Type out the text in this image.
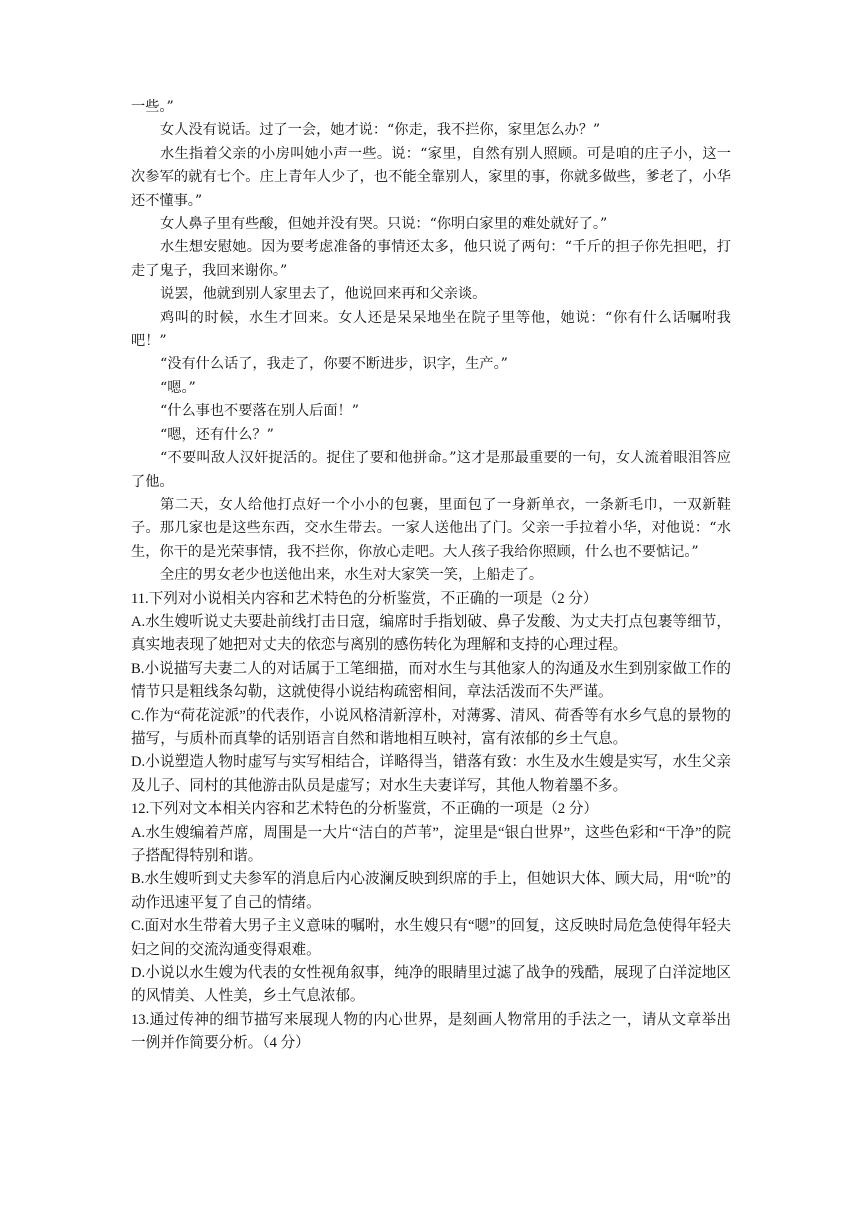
一些。”

女人没有说话。过了一会，她才说：“你走，我不拦你，家里怎么办？”

水生指着父亲的小房叫她小声一些。说：“家里，自然有别人照顾。可是咱的庄子小，这一次参军的就有七个。庄上青年人少了，也不能全靠别人，家里的事，你就多做些，爹老了，小华还不懂事。”

女人鼻子里有些酸，但她并没有哭。只说：“你明白家里的难处就好了。”

水生想安慰她。因为要考虑准备的事情还太多，他只说了两句：“千斤的担子你先担吧，打走了鬼子，我回来谢你。”

说罢，他就到别人家里去了，他说回来再和父亲谈。

鸡叫的时候，水生才回来。女人还是呆呆地坐在院子里等他，她说：“你有什么话嘱咐我吧！”

“没有什么话了，我走了，你要不断进步，识字，生产。”

“嗯。”

“什么事也不要落在别人后面！”

“嗯，还有什么？”

“不要叫敌人汉奸捉活的。捉住了要和他拼命。”这才是那最重要的一句，女人流着眼泪答应了他。

第二天，女人给他打点好一个小小的包裹，里面包了一身新单衣，一条新毛巾，一双新鞋子。那几家也是这些东西，交水生带去。一家人送他出了门。父亲一手拉着小华，对他说：“水生，你干的是光荣事情，我不拦你，你放心走吧。大人孩子我给你照顾，什么也不要惦记。”

全庄的男女老少也送他出来，水生对大家笑一笑，上船走了。

11.下列对小说相关内容和艺术特色的分析鉴赏，不正确的一项是（2 分）

A.水生嫂听说丈夫要赴前线打击日寇，编席时手指划破、鼻子发酸、为丈夫打点包裹等细节，真实地表现了她把对丈夫的依恋与离别的感伤转化为理解和支持的心理过程。

B.小说描写夫妻二人的对话属于工笔细描，而对水生与其他家人的沟通及水生到别家做工作的情节只是粗线条勾勒，这就使得小说结构疏密相间，章法活泼而不失严谨。

C.作为“荷花淀派”的代表作，小说风格清新淳朴，对薄雾、清风、荷香等有水乡气息的景物的描写，与质朴而真挚的话别语言自然和谐地相互映衬，富有浓郁的乡土气息。

D.小说塑造人物时虚写与实写相结合，详略得当，错落有致：水生及水生嫂是实写，水生父亲及儿子、同村的其他游击队员是虚写；对水生夫妻详写，其他人物着墨不多。

12.下列对文本相关内容和艺术特色的分析鉴赏，不正确的一项是（2 分）

A.水生嫂编着芦席，周围是一大片“洁白的芦苇”，淀里是“银白世界”，这些色彩和“干净”的院子搭配得特别和谐。

B.水生嫂听到丈夫参军的消息后内心波澜反映到织席的手上，但她识大体、顾大局，用“吮”的动作迅速平复了自己的情绪。

C.面对水生带着大男子主义意味的嘱咐，水生嫂只有“嗯”的回复，这反映时局危急使得年轻夫妇之间的交流沟通变得艰难。

D.小说以水生嫂为代表的女性视角叙事，纯净的眼睛里过滤了战争的残酷，展现了白洋淀地区的风情美、人性美，乡土气息浓郁。

13.通过传神的细节描写来展现人物的内心世界，是刻画人物常用的手法之一，请从文章举出一例并作简要分析。（4 分）
